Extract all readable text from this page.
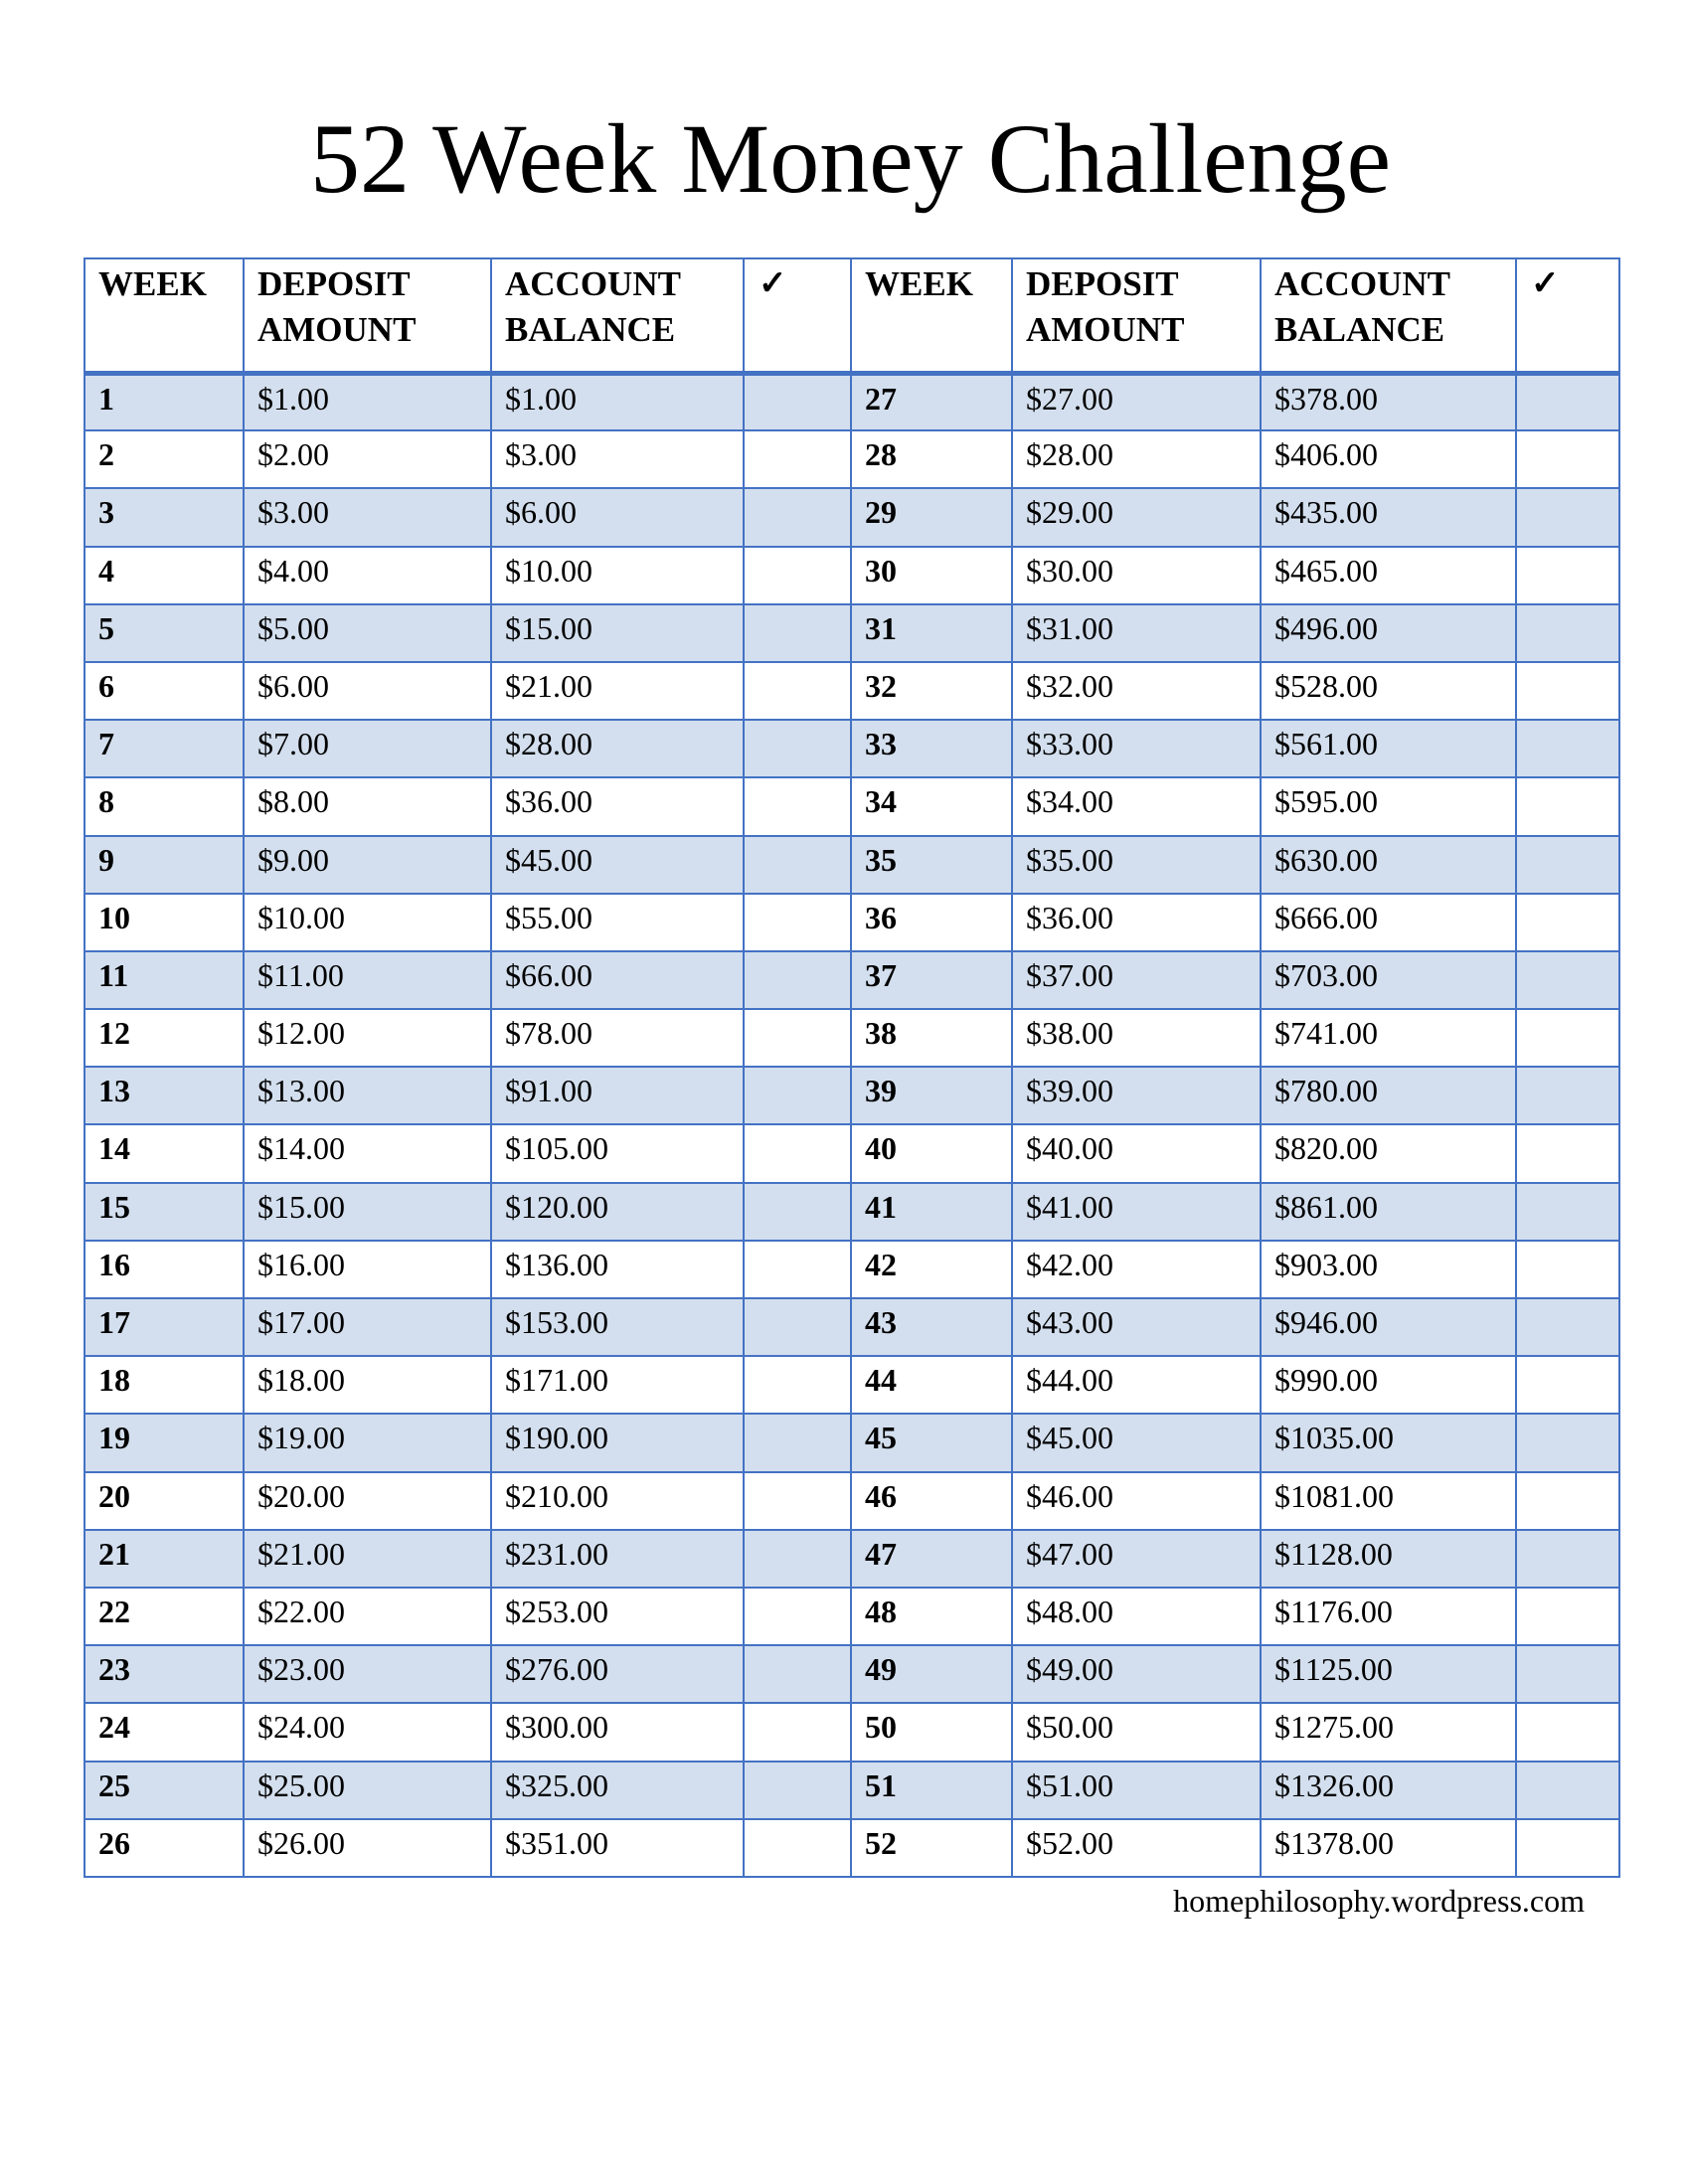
52 Week Money Challenge
WEEK	DEPOSIT AMOUNT	ACCOUNT BALANCE	✓	WEEK	DEPOSIT AMOUNT	ACCOUNT BALANCE	✓
1	$1.00	$1.00		27	$27.00	$378.00	
2	$2.00	$3.00		28	$28.00	$406.00	
3	$3.00	$6.00		29	$29.00	$435.00	
4	$4.00	$10.00		30	$30.00	$465.00	
5	$5.00	$15.00		31	$31.00	$496.00	
6	$6.00	$21.00		32	$32.00	$528.00	
7	$7.00	$28.00		33	$33.00	$561.00	
8	$8.00	$36.00		34	$34.00	$595.00	
9	$9.00	$45.00		35	$35.00	$630.00	
10	$10.00	$55.00		36	$36.00	$666.00	
11	$11.00	$66.00		37	$37.00	$703.00	
12	$12.00	$78.00		38	$38.00	$741.00	
13	$13.00	$91.00		39	$39.00	$780.00	
14	$14.00	$105.00		40	$40.00	$820.00	
15	$15.00	$120.00		41	$41.00	$861.00	
16	$16.00	$136.00		42	$42.00	$903.00	
17	$17.00	$153.00		43	$43.00	$946.00	
18	$18.00	$171.00		44	$44.00	$990.00	
19	$19.00	$190.00		45	$45.00	$1035.00	
20	$20.00	$210.00		46	$46.00	$1081.00	
21	$21.00	$231.00		47	$47.00	$1128.00	
22	$22.00	$253.00		48	$48.00	$1176.00	
23	$23.00	$276.00		49	$49.00	$1125.00	
24	$24.00	$300.00		50	$50.00	$1275.00	
25	$25.00	$325.00		51	$51.00	$1326.00	
26	$26.00	$351.00		52	$52.00	$1378.00	
homephilosophy.wordpress.com
